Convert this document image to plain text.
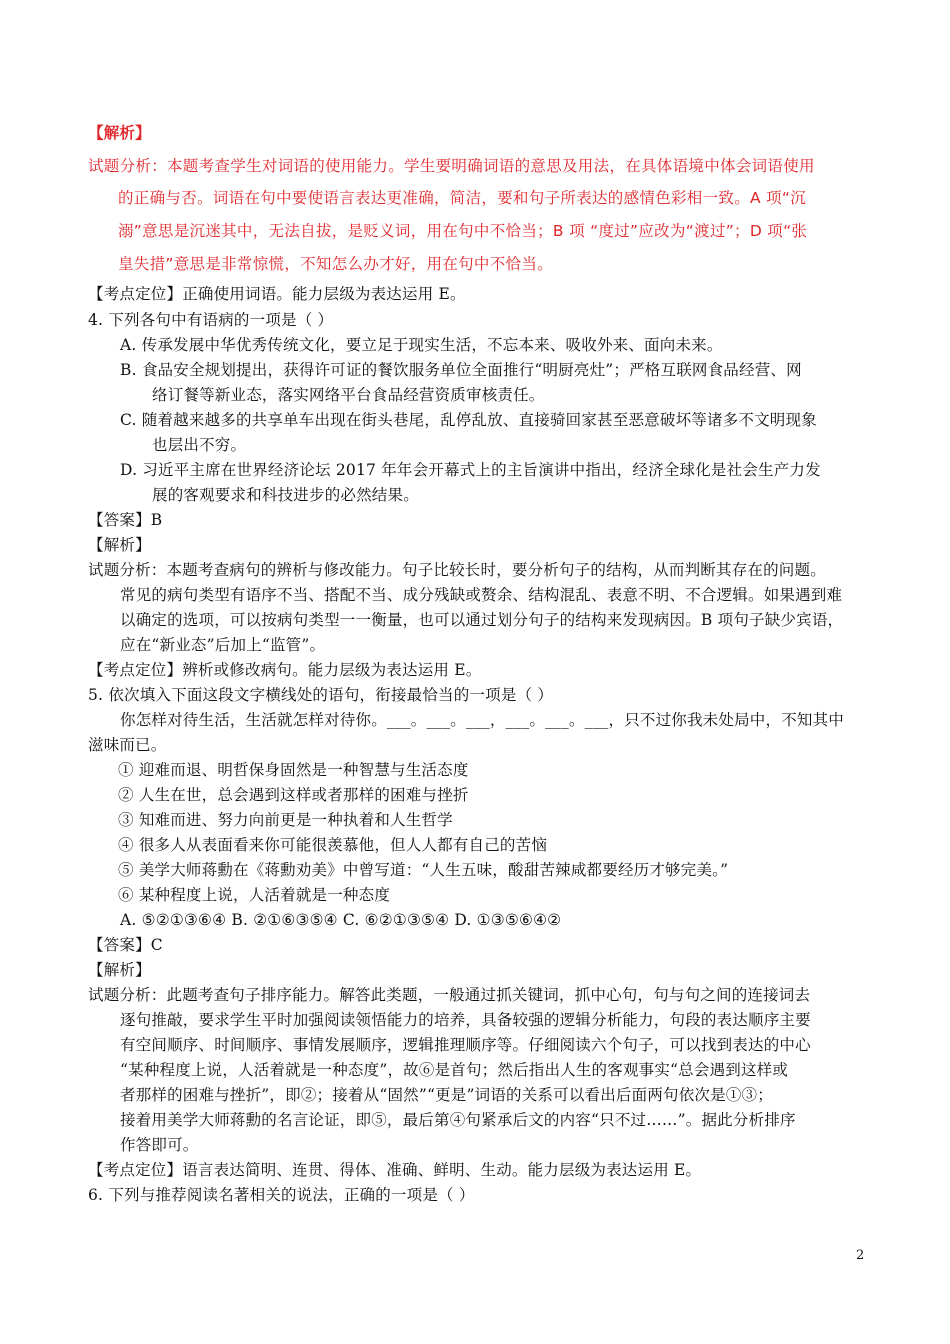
【解析】
试题分析：本题考查学生对词语的使用能力。学生要明确词语的意思及用法，在具体语境中体会词语使用
的正确与否。词语在句中要使语言表达更准确，简洁，要和句子所表达的感情色彩相一致。A 项“沉
溺”意思是沉迷其中，无法自拔，是贬义词，用在句中不恰当；B 项 “度过”应改为“渡过”；D 项“张
皇失措”意思是非常惊慌，不知怎么办才好，用在句中不恰当。
【考点定位】正确使用词语。能力层级为表达运用 E。
4. 下列各句中有语病的一项是（ ）
A. 传承发展中华优秀传统文化，要立足于现实生活，不忘本来、吸收外来、面向未来。
B. 食品安全规划提出，获得许可证的餐饮服务单位全面推行“明厨亮灶”；严格互联网食品经营、网
络订餐等新业态，落实网络平台食品经营资质审核责任。
C. 随着越来越多的共享单车出现在街头巷尾，乱停乱放、直接骑回家甚至恶意破坏等诸多不文明现象
也层出不穷。
D. 习近平主席在世界经济论坛 2017 年年会开幕式上的主旨演讲中指出，经济全球化是社会生产力发
展的客观要求和科技进步的必然结果。
【答案】B
【解析】
试题分析：本题考查病句的辨析与修改能力。句子比较长时，要分析句子的结构，从而判断其存在的问题。
常见的病句类型有语序不当、搭配不当、成分残缺或赘余、结构混乱、表意不明、不合逻辑。如果遇到难
以确定的选项，可以按病句类型一一衡量，也可以通过划分句子的结构来发现病因。B 项句子缺少宾语，
应在“新业态”后加上“监管”。
【考点定位】辨析或修改病句。能力层级为表达运用 E。
5. 依次填入下面这段文字横线处的语句，衔接最恰当的一项是（ ）
你怎样对待生活，生活就怎样对待你。___。___。___，___。___。___，只不过你我未处局中，不知其中
滋味而已。
① 迎难而退、明哲保身固然是一种智慧与生活态度
② 人生在世，总会遇到这样或者那样的困难与挫折
③ 知难而进、努力向前更是一种执着和人生哲学
④ 很多人从表面看来你可能很羡慕他，但人人都有自己的苦恼
⑤ 美学大师蒋勳在《蒋勳劝美》中曾写道：“人生五味，酸甜苦辣咸都要经历才够完美。”
⑥ 某种程度上说，人活着就是一种态度
A. ⑤②①③⑥④ B. ②①⑥③⑤④ C. ⑥②①③⑤④ D. ①③⑤⑥④②
【答案】C
【解析】
试题分析：此题考查句子排序能力。解答此类题，一般通过抓关键词，抓中心句，句与句之间的连接词去
逐句推敲，要求学生平时加强阅读领悟能力的培养，具备较强的逻辑分析能力，句段的表达顺序主要
有空间顺序、时间顺序、事情发展顺序，逻辑推理顺序等。仔细阅读六个句子，可以找到表达的中心
“某种程度上说，人活着就是一种态度”，故⑥是首句；然后指出人生的客观事实“总会遇到这样或
者那样的困难与挫折”，即②；接着从“固然”“更是”词语的关系可以看出后面两句依次是①③；
接着用美学大师蒋勳的名言论证，即⑤，最后第④句紧承后文的内容“只不过……”。据此分析排序
作答即可。
【考点定位】语言表达简明、连贯、得体、准确、鲜明、生动。能力层级为表达运用 E。
6. 下列与推荐阅读名著相关的说法，正确的一项是（ ）
2
